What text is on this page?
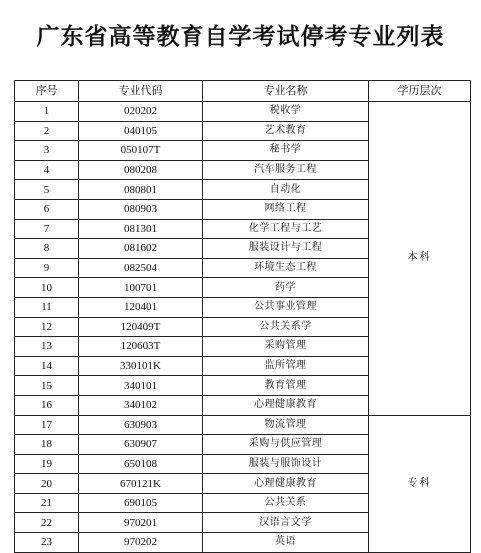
广东省高等教育自学考试停考专业列表
序号	专业代码	专业名称	学历层次
1	020202	税收学	本科
2	040105	艺术教育	
3	050107T	秘书学	
4	080208	汽车服务工程	
5	080801	自动化	
6	080903	网络工程	
7	081301	化学工程与工艺	
8	081602	服装设计与工程	
9	082504	环境生态工程	
10	100701	药学	
11	120401	公共事业管理	
12	120409T	公共关系学	
13	120603T	采购管理	
14	330101K	监所管理	
15	340101	教育管理	
16	340102	心理健康教育	
17	630903	物流管理	专科
18	630907	采购与供应管理	
19	650108	服装与服饰设计	
20	670121K	心理健康教育	
21	690105	公共关系	
22	970201	汉语言文学	
23	970202	英语	
